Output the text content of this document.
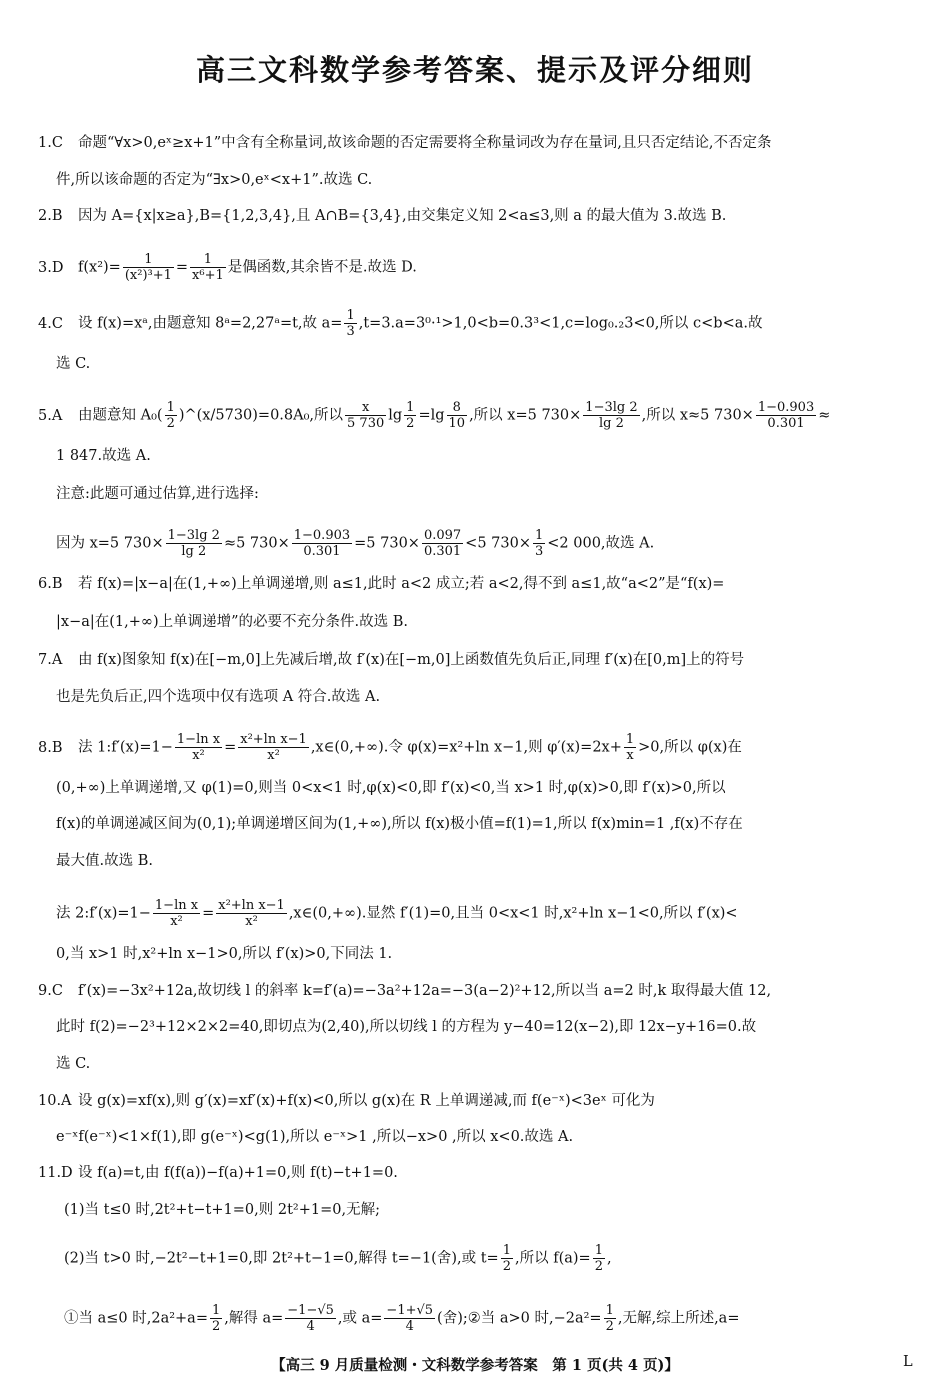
高三文科数学参考答案、提示及评分细则
1.C 命题“∀x>0,eˣ≥x+1”中含有全称量词,故该命题的否定需要将全称量词改为存在量词,且只否定结论,不否定条
件,所以该命题的否定为“∃x>0,eˣ<x+1”.故选 C.
2.B 因为 A={x|x≥a},B={1,2,3,4},且 A∩B={3,4},由交集定义知 2<a≤3,则 a 的最大值为 3.故选 B.
3.D $f(x^2)= \frac{1}{\text{(x²)³+1}} = \frac{1}{\text{x⁶+1}}$ 是偶函数,其余皆不是.故选 D.
4.C 设 f(x)=xᵃ,由题意知 8ᵃ=2,27ᵃ=t,故 $a= \frac{1}{3} ,t=3.a=3^0\cdot^1>1,0<b=0.3^3<1,c=\log_0._23<0$,所以 c<b<a.故
选 C.
5.A 由题意知 $A_0( \frac{1}{2}$ )^(x/5730)=0.8A₀,所以 $\frac{x}{5 730}$ $\lg \frac{1}{2} =\lg \frac{8}{10}$ ,所以 x=5 $730\times \frac{1-3\lg 2}{\lg 2}$ ,所以 x≈5 $730\times \frac{1-0.903}{0.301}$ ≈
1 847.故选 A.
注意:此题可通过估算,进行选择:
因为 x=5 $730\times \frac{1-3\lg 2}{\lg 2} \approx 5$ $730\times \frac{1-0.903}{0.301} =5$ $730\times \frac{0.097}{0.301} <5$ $730\times \frac{1}{3} <2$ 000,故选 A.
6.B 若 f(x)=|x−a|在(1,+∞)上单调递增,则 a≤1,此时 a<2 成立;若 a<2,得不到 a≤1,故“a<2”是“f(x)=
|x−a|在(1,+∞)上单调递增”的必要不充分条件.故选 B.
7.A 由 f(x)图象知 f(x)在[−m,0]上先减后增,故 f′(x)在[−m,0]上函数值先负后正,同理 f′(x)在[0,m]上的符号
也是先负后正,四个选项中仅有选项 A 符合.故选 A.
8.B 法 1:f′(x)=1− $\frac{\text{1−ln x}}{\text{x²}} = \frac{\text{x²+ln x−1}}{\text{x²}}$ ,x∈(0,+∞).令 φ(x)=x²+ln x−1,则 $\varphi'(x)=2x+ \frac{1}{x} >0$,所以 φ(x)在
(0,+∞)上单调递增,又 φ(1)=0,则当 0<x<1 时,φ(x)<0,即 f′(x)<0,当 x>1 时,φ(x)>0,即 f′(x)>0,所以
f(x)的单调递减区间为(0,1);单调递增区间为(1,+∞),所以 f(x)极小值=f(1)=1,所以 f(x)min=1 ,f(x)不存在
最大值.故选 B.
法 2:f′(x)=1− $\frac{\text{1−ln x}}{\text{x²}} = \frac{\text{x²+ln x−1}}{\text{x²}}$ ,x∈(0,+∞).显然 f′(1)=0,且当 0<x<1 时,x²+ln x−1<0,所以 f′(x)<
0,当 x>1 时,x²+ln x−1>0,所以 f′(x)>0,下同法 1.
9.C f′(x)=−3x²+12a,故切线 l 的斜率 k=f′(a)=−3a²+12a=−3(a−2)²+12,所以当 a=2 时,k 取得最大值 12,
此时 f(2)=−2³+12×2×2=40,即切点为(2,40),所以切线 l 的方程为 y−40=12(x−2),即 12x−y+16=0.故
选 C.
10.A 设 g(x)=xf(x),则 g′(x)=xf′(x)+f(x)<0,所以 g(x)在 R 上单调递减,而 f(e⁻ˣ)<3eˣ 可化为
e⁻ˣf(e⁻ˣ)<1×f(1),即 g(e⁻ˣ)<g(1),所以 e⁻ˣ>1 ,所以−x>0 ,所以 x<0.故选 A.
11.D 设 f(a)=t,由 f(f(a))−f(a)+1=0,则 f(t)−t+1=0.
(1)当 t≤0 时,2t²+t−t+1=0,则 2t²+1=0,无解;
(2)当 t>0 时,−2t²−t+1=0,即 2t²+t−1=0,解得 t=−1(舍),或 $t= \frac{1}{2}$ ,所以 $f(a)= \frac{1}{2}$ ,
①当 a≤0 时$,2a^2+a= \frac{1}{2}$ ,解得 $a= \frac{-1-√5}{4}$ ,或 $a= \frac{-1+√5}{4}$ (舍);②当 a>0 时$,-2a^2= \frac{1}{2}$ ,无解,综上所述,a=
【高三 9 月质量检测・文科数学参考答案　第 1 页(共 4 页)】	L
